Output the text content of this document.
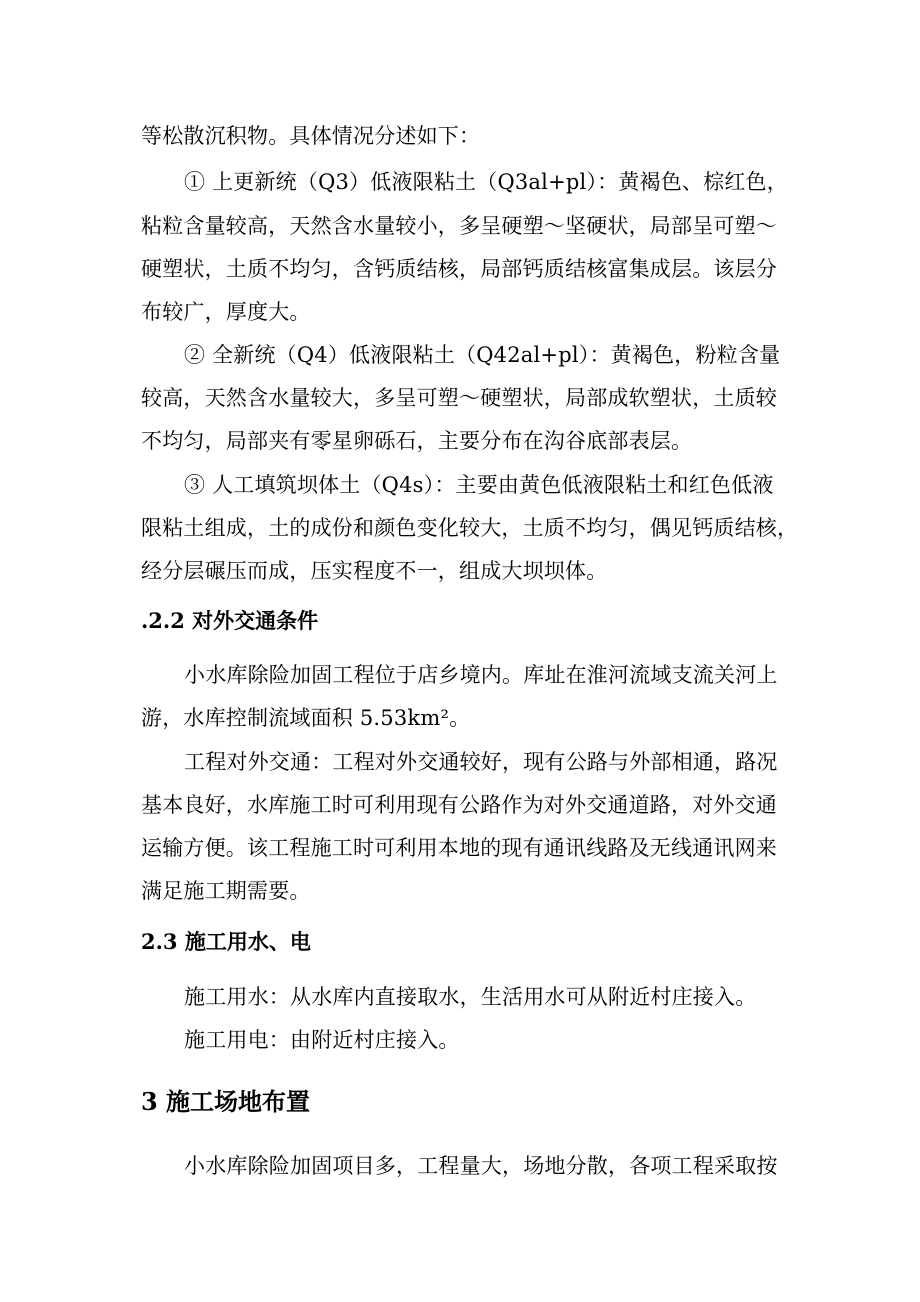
等松散沉积物。具体情况分述如下：

① 上更新统（Q3）低液限粘土（Q3al+pl）：黄褐色、棕红色，

粘粒含量较高，天然含水量较小，多呈硬塑～坚硬状，局部呈可塑～

硬塑状，土质不均匀，含钙质结核，局部钙质结核富集成层。该层分

布较广，厚度大。

② 全新统（Q4）低液限粘土（Q42al+pl）：黄褐色，粉粒含量

较高，天然含水量较大，多呈可塑～硬塑状，局部成软塑状，土质较

不均匀，局部夹有零星卵砾石，主要分布在沟谷底部表层。

③ 人工填筑坝体土（Q4s）：主要由黄色低液限粘土和红色低液

限粘土组成，土的成份和颜色变化较大，土质不均匀，偶见钙质结核，

经分层碾压而成，压实程度不一，组成大坝坝体。

.2.2 对外交通条件

小水库除险加固工程位于店乡境内。库址在淮河流域支流关河上

游，水库控制流域面积 5.53km²。

工程对外交通：工程对外交通较好，现有公路与外部相通，路况

基本良好，水库施工时可利用现有公路作为对外交通道路，对外交通

运输方便。该工程施工时可利用本地的现有通讯线路及无线通讯网来

满足施工期需要。

2.3 施工用水、电

施工用水：从水库内直接取水，生活用水可从附近村庄接入。

施工用电：由附近村庄接入。

3 施工场地布置

小水库除险加固项目多，工程量大，场地分散，各项工程采取按
